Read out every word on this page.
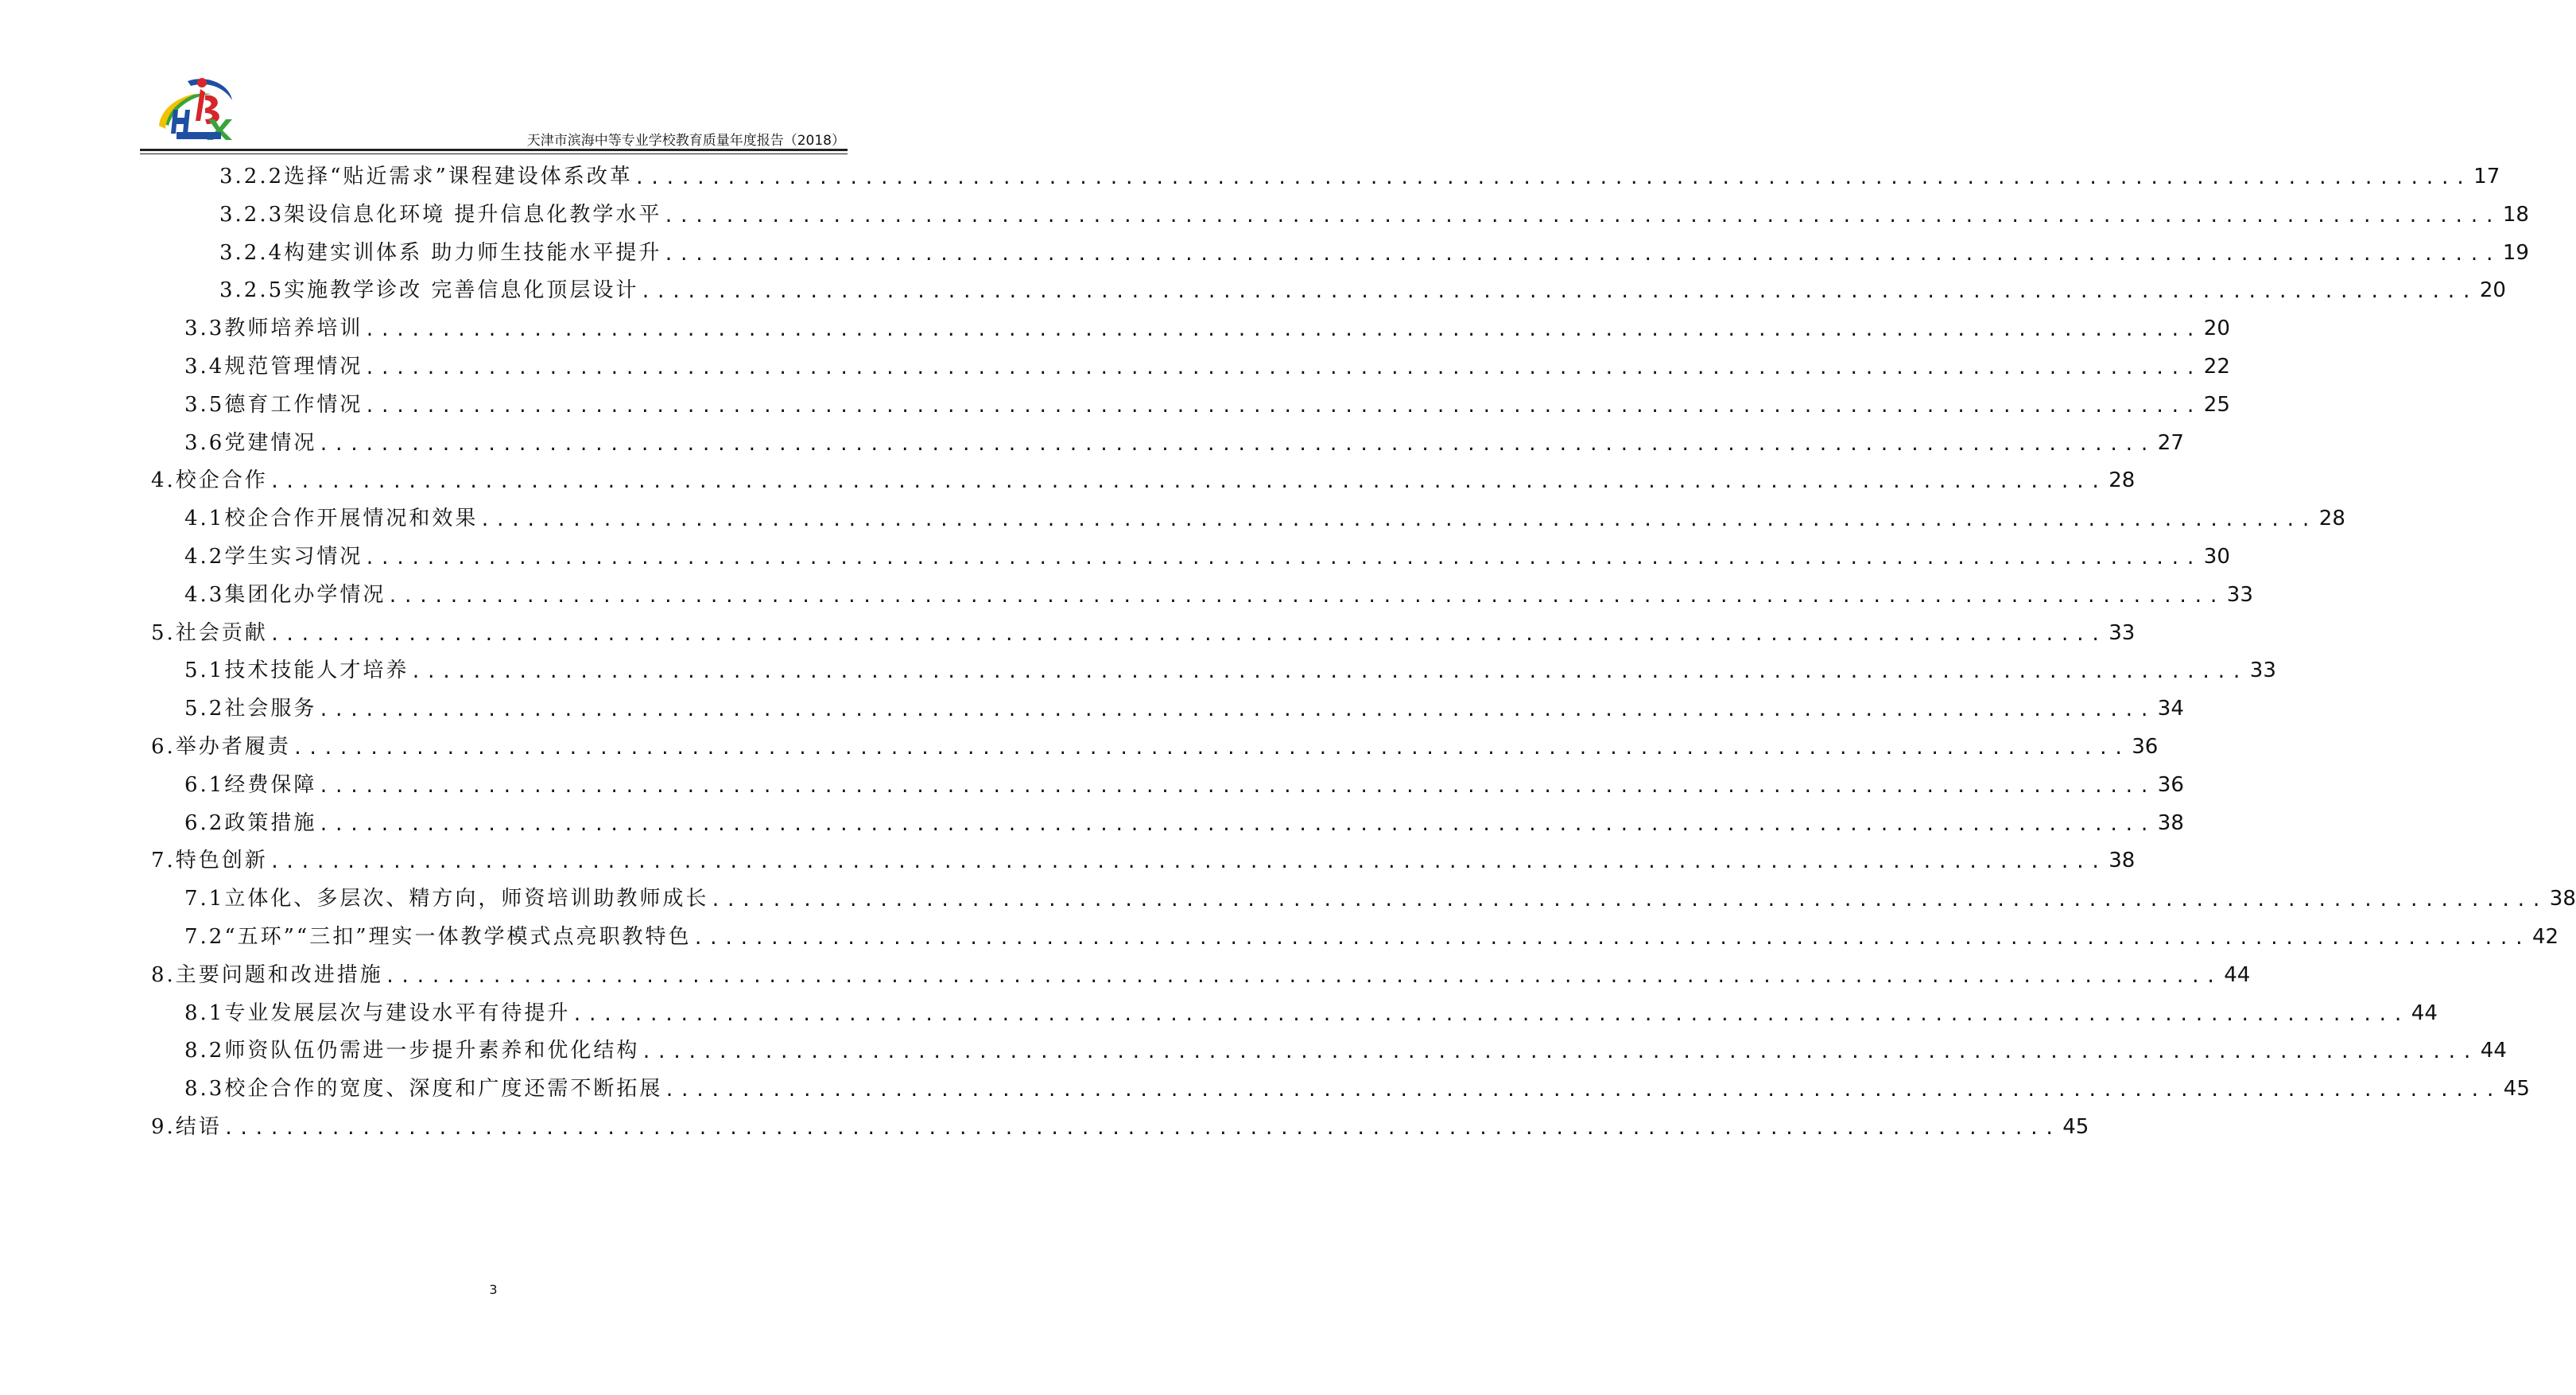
天津市滨海中等专业学校教育质量年度报告（2018）
3.2.2选择“贴近需求”课程建设体系改革 ........................................................................................................................ 17
3.2.3架设信息化环境 提升信息化教学水平 ........................................................................................................................ 18
3.2.4构建实训体系 助力师生技能水平提升 ........................................................................................................................ 19
3.2.5实施教学诊改 完善信息化顶层设计 ........................................................................................................................ 20
3.3教师培养培训 ........................................................................................................................ 20
3.4规范管理情况 ........................................................................................................................ 22
3.5德育工作情况 ........................................................................................................................ 25
3.6党建情况 ........................................................................................................................ 27
4.校企合作 ........................................................................................................................ 28
4.1校企合作开展情况和效果 ........................................................................................................................ 28
4.2学生实习情况 ........................................................................................................................ 30
4.3集团化办学情况 ........................................................................................................................ 33
5.社会贡献 ........................................................................................................................ 33
5.1技术技能人才培养 ........................................................................................................................ 33
5.2社会服务 ........................................................................................................................ 34
6.举办者履责 ........................................................................................................................ 36
6.1经费保障 ........................................................................................................................ 36
6.2政策措施 ........................................................................................................................ 38
7.特色创新 ........................................................................................................................ 38
7.1立体化、多层次、精方向，师资培训助教师成长 ........................................................................................................................ 38
7.2“五环”“三扣”理实一体教学模式点亮职教特色 ........................................................................................................................ 42
8.主要问题和改进措施 ........................................................................................................................ 44
8.1专业发展层次与建设水平有待提升 ........................................................................................................................ 44
8.2师资队伍仍需进一步提升素养和优化结构 ........................................................................................................................ 44
8.3校企合作的宽度、深度和广度还需不断拓展 ........................................................................................................................ 45
9.结语 ........................................................................................................................ 45
3
